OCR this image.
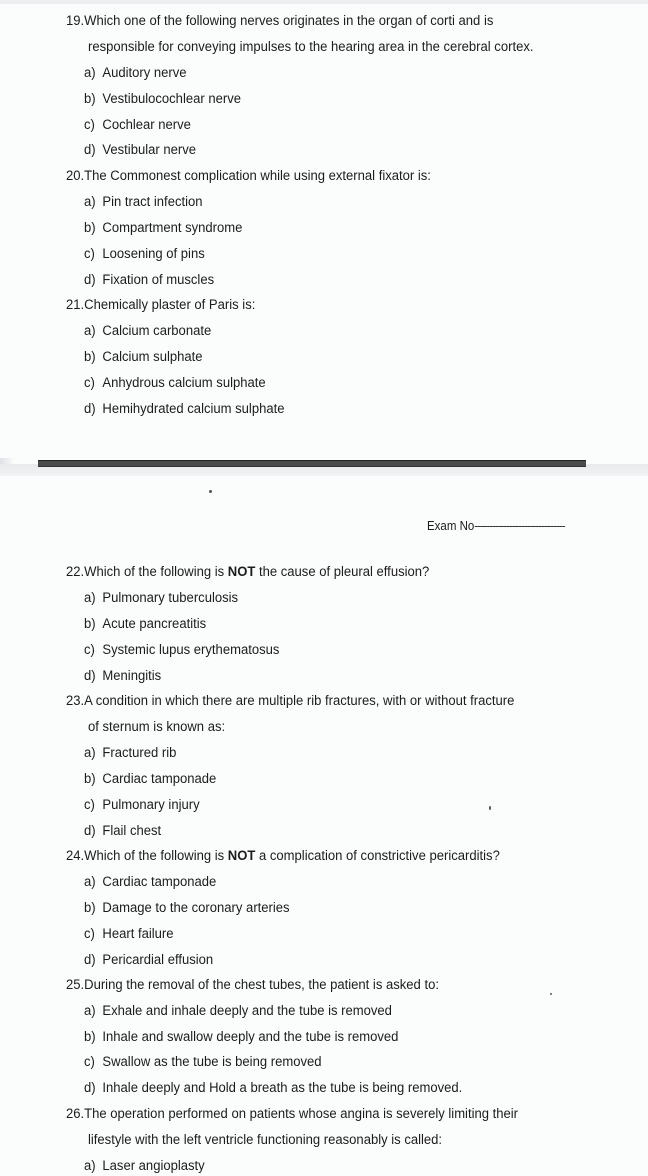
19.Which one of the following nerves originates in the organ of corti and is
responsible for conveying impulses to the hearing area in the cerebral cortex.
a) Auditory nerve
b) Vestibulocochlear nerve
c) Cochlear nerve
d) Vestibular nerve
20.The Commonest complication while using external fixator is:
a) Pin tract infection
b) Compartment syndrome
c) Loosening of pins
d) Fixation of muscles
21.Chemically plaster of Paris is:
a) Calcium carbonate
b) Calcium sulphate
c) Anhydrous calcium sulphate
d) Hemihydrated calcium sulphate
Exam No-------------------------------
22.Which of the following is NOT the cause of pleural effusion?
a) Pulmonary tuberculosis
b) Acute pancreatitis
c) Systemic lupus erythematosus
d) Meningitis
23.A condition in which there are multiple rib fractures, with or without fracture
of sternum is known as:
a) Fractured rib
b) Cardiac tamponade
c) Pulmonary injury
d) Flail chest
24.Which of the following is NOT a complication of constrictive pericarditis?
a) Cardiac tamponade
b) Damage to the coronary arteries
c) Heart failure
d) Pericardial effusion
25.During the removal of the chest tubes, the patient is asked to:
a) Exhale and inhale deeply and the tube is removed
b) Inhale and swallow deeply and the tube is removed
c) Swallow as the tube is being removed
d) Inhale deeply and Hold a breath as the tube is being removed.
26.The operation performed on patients whose angina is severely limiting their
lifestyle with the left ventricle functioning reasonably is called:
a) Laser angioplasty
